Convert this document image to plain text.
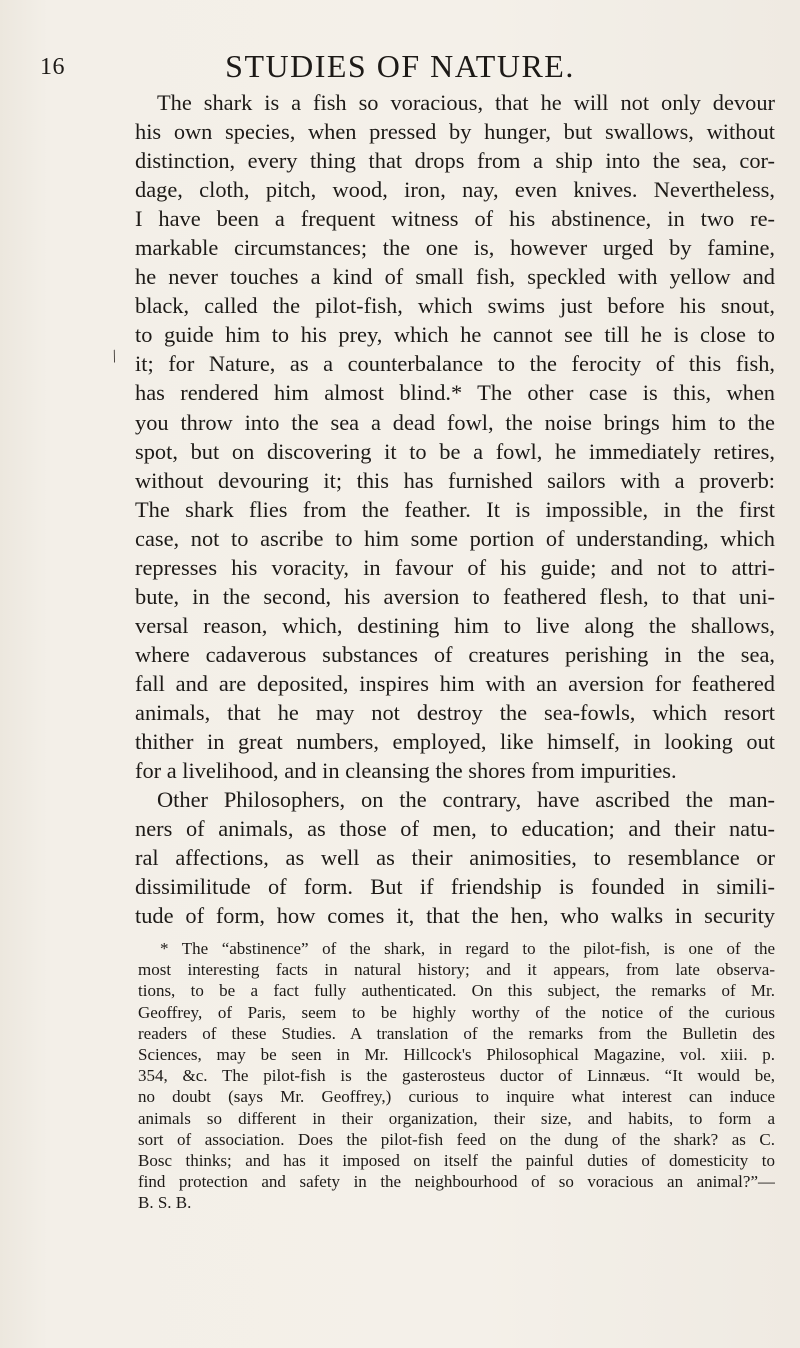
16	STUDIES OF NATURE.
/
The shark is a fish so voracious, that he will not only devour
his own species, when pressed by hunger, but swallows, without
distinction, every thing that drops from a ship into the sea, cor-
dage, cloth, pitch, wood, iron, nay, even knives. Nevertheless,
I have been a frequent witness of his abstinence, in two re-
markable circumstances; the one is, however urged by famine,
he never touches a kind of small fish, speckled with yellow and
black, called the pilot-fish, which swims just before his snout,
to guide him to his prey, which he cannot see till he is close to
it; for Nature, as a counterbalance to the ferocity of this fish,
has rendered him almost blind.* The other case is this, when
you throw into the sea a dead fowl, the noise brings him to the
spot, but on discovering it to be a fowl, he immediately retires,
without devouring it; this has furnished sailors with a proverb:
The shark flies from the feather. It is impossible, in the first
case, not to ascribe to him some portion of understanding, which
represses his voracity, in favour of his guide; and not to attri-
bute, in the second, his aversion to feathered flesh, to that uni-
versal reason, which, destining him to live along the shallows,
where cadaverous substances of creatures perishing in the sea,
fall and are deposited, inspires him with an aversion for feathered
animals, that he may not destroy the sea-fowls, which resort
thither in great numbers, employed, like himself, in looking out
for a livelihood, and in cleansing the shores from impurities.
Other Philosophers, on the contrary, have ascribed the man-
ners of animals, as those of men, to education; and their natu-
ral affections, as well as their animosities, to resemblance or
dissimilitude of form. But if friendship is founded in simili-
tude of form, how comes it, that the hen, who walks in security
* The “abstinence” of the shark, in regard to the pilot-fish, is one of the
most interesting facts in natural history; and it appears, from late observa-
tions, to be a fact fully authenticated. On this subject, the remarks of Mr.
Geoffrey, of Paris, seem to be highly worthy of the notice of the curious
readers of these Studies. A translation of the remarks from the Bulletin des
Sciences, may be seen in Mr. Hillcock's Philosophical Magazine, vol. xiii. p.
354, &c. The pilot-fish is the gasterosteus ductor of Linnæus. “It would be,
no doubt (says Mr. Geoffrey,) curious to inquire what interest can induce
animals so different in their organization, their size, and habits, to form a
sort of association. Does the pilot-fish feed on the dung of the shark? as C.
Bosc thinks; and has it imposed on itself the painful duties of domesticity to
find protection and safety in the neighbourhood of so voracious an animal?”—
B. S. B.
